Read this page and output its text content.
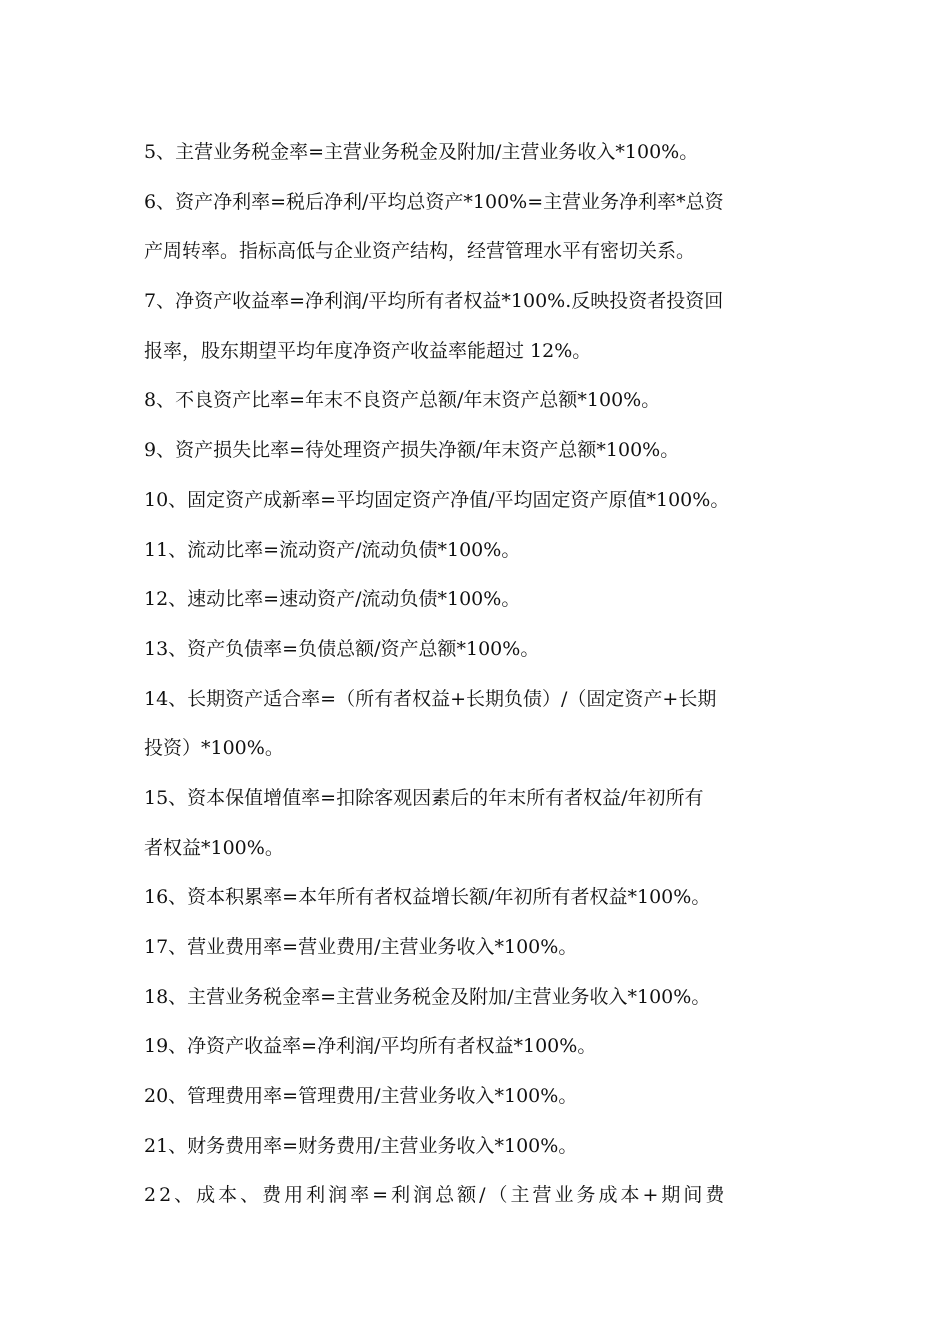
5、主营业务税金率=主营业务税金及附加/主营业务收入*100%。
6、资产净利率=税后净利/平均总资产*100%=主营业务净利率*总资
产周转率。指标高低与企业资产结构，经营管理水平有密切关系。
7、净资产收益率=净利润/平均所有者权益*100%.反映投资者投资回
报率，股东期望平均年度净资产收益率能超过 12%。
8、不良资产比率=年末不良资产总额/年末资产总额*100%。
9、资产损失比率=待处理资产损失净额/年末资产总额*100%。
10、固定资产成新率=平均固定资产净值/平均固定资产原值*100%。
11、流动比率=流动资产/流动负债*100%。
12、速动比率=速动资产/流动负债*100%。
13、资产负债率=负债总额/资产总额*100%。
14、长期资产适合率=（所有者权益+长期负债）/（固定资产+长期
投资）*100%。
15、资本保值增值率=扣除客观因素后的年末所有者权益/年初所有
者权益*100%。
16、资本积累率=本年所有者权益增长额/年初所有者权益*100%。
17、营业费用率=营业费用/主营业务收入*100%。
18、主营业务税金率=主营业务税金及附加/主营业务收入*100%。
19、净资产收益率=净利润/平均所有者权益*100%。
20、管理费用率=管理费用/主营业务收入*100%。
21、财务费用率=财务费用/主营业务收入*100%。
22、成本、费用利润率=利润总额/（主营业务成本+期间费
